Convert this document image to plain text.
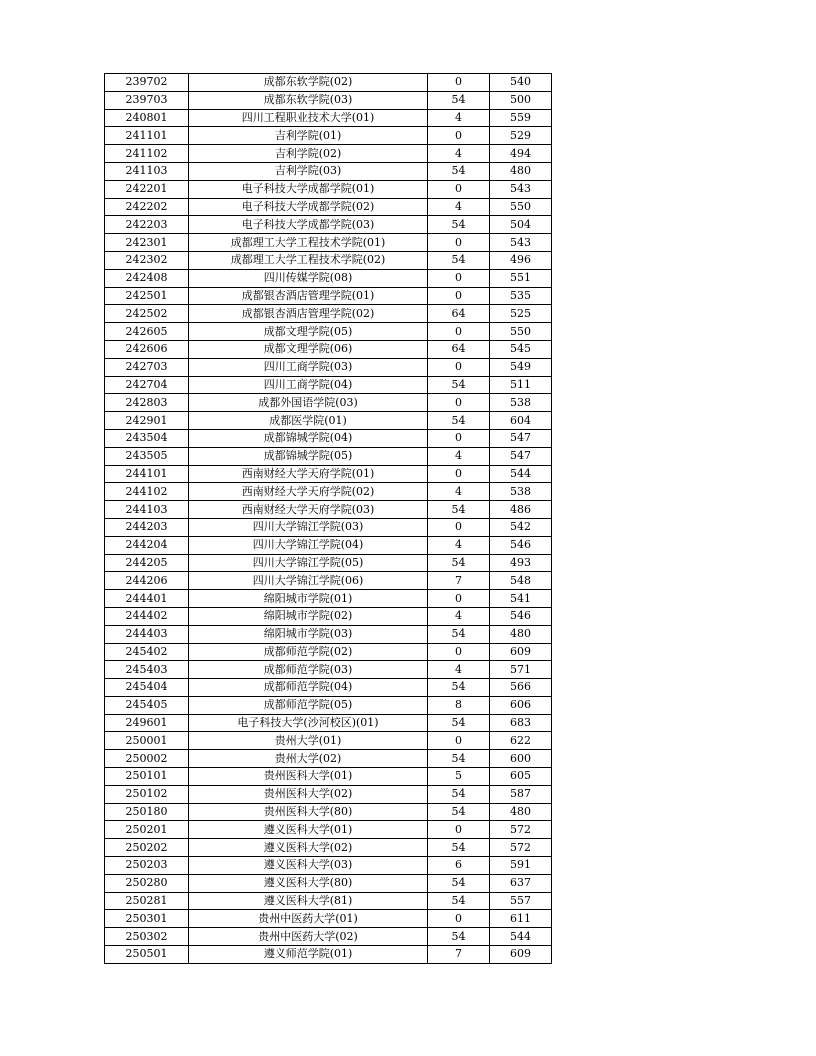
239702	成都东软学院(02)	0	540
239703	成都东软学院(03)	54	500
240801	四川工程职业技术大学(01)	4	559
241101	吉利学院(01)	0	529
241102	吉利学院(02)	4	494
241103	吉利学院(03)	54	480
242201	电子科技大学成都学院(01)	0	543
242202	电子科技大学成都学院(02)	4	550
242203	电子科技大学成都学院(03)	54	504
242301	成都理工大学工程技术学院(01)	0	543
242302	成都理工大学工程技术学院(02)	54	496
242408	四川传媒学院(08)	0	551
242501	成都银杏酒店管理学院(01)	0	535
242502	成都银杏酒店管理学院(02)	64	525
242605	成都文理学院(05)	0	550
242606	成都文理学院(06)	64	545
242703	四川工商学院(03)	0	549
242704	四川工商学院(04)	54	511
242803	成都外国语学院(03)	0	538
242901	成都医学院(01)	54	604
243504	成都锦城学院(04)	0	547
243505	成都锦城学院(05)	4	547
244101	西南财经大学天府学院(01)	0	544
244102	西南财经大学天府学院(02)	4	538
244103	西南财经大学天府学院(03)	54	486
244203	四川大学锦江学院(03)	0	542
244204	四川大学锦江学院(04)	4	546
244205	四川大学锦江学院(05)	54	493
244206	四川大学锦江学院(06)	7	548
244401	绵阳城市学院(01)	0	541
244402	绵阳城市学院(02)	4	546
244403	绵阳城市学院(03)	54	480
245402	成都师范学院(02)	0	609
245403	成都师范学院(03)	4	571
245404	成都师范学院(04)	54	566
245405	成都师范学院(05)	8	606
249601	电子科技大学(沙河校区)(01)	54	683
250001	贵州大学(01)	0	622
250002	贵州大学(02)	54	600
250101	贵州医科大学(01)	5	605
250102	贵州医科大学(02)	54	587
250180	贵州医科大学(80)	54	480
250201	遵义医科大学(01)	0	572
250202	遵义医科大学(02)	54	572
250203	遵义医科大学(03)	6	591
250280	遵义医科大学(80)	54	637
250281	遵义医科大学(81)	54	557
250301	贵州中医药大学(01)	0	611
250302	贵州中医药大学(02)	54	544
250501	遵义师范学院(01)	7	609
